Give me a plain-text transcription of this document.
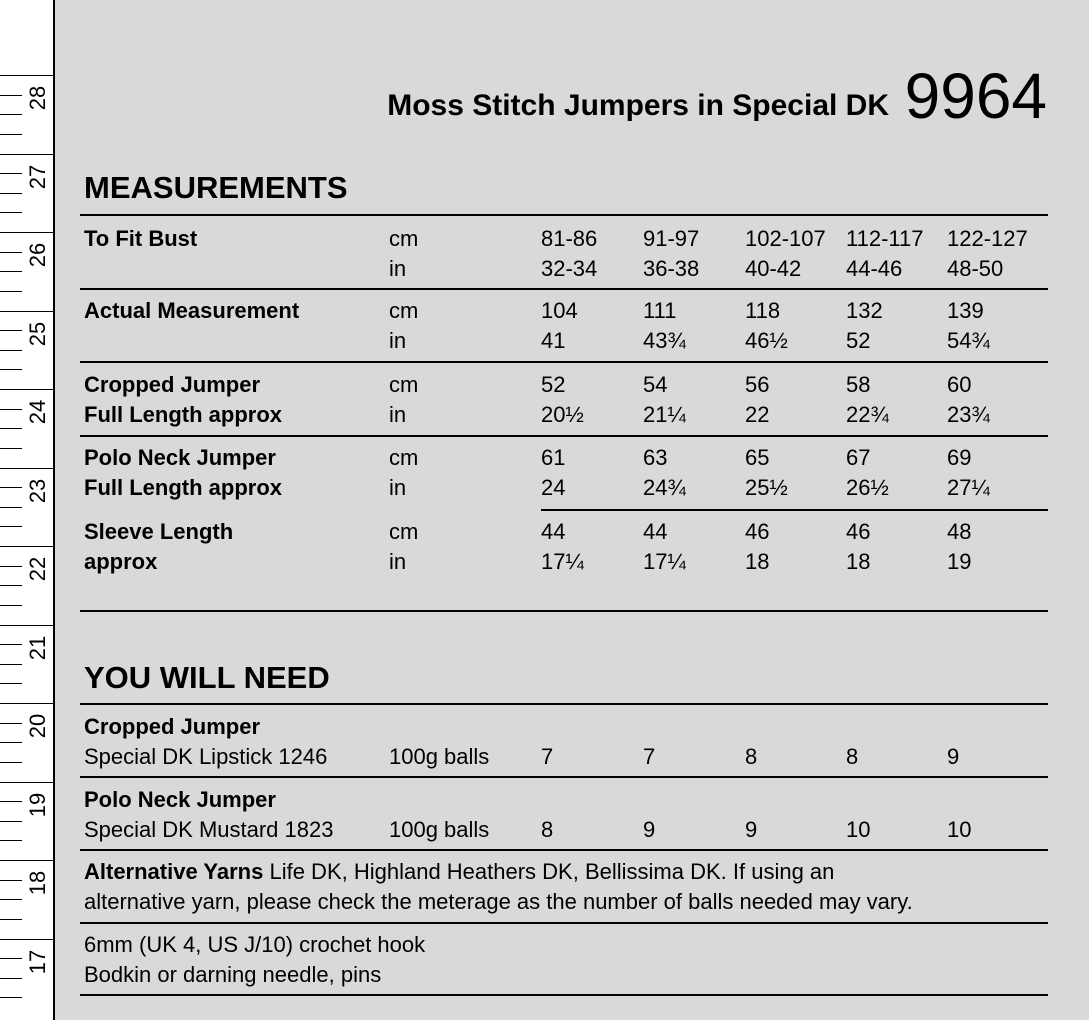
28
27
26
25
24
23
22
21
20
19
18
17
Moss Stitch Jumpers in Special DK 9964
MEASUREMENTS
YOU WILL NEED
To Fit Bust	cm	81-86 91-97 102-107 112-117 122-127
in	32-34 36-38 40-42 44-46 48-50
Actual Measurement	cm	104	111	118	132	139
in	41	43¾	46½	52	54¾
Cropped Jumper	cm	52	54	56	58	60
Full Length approx	in	20½	21¼	22	22¾	23¾
Polo Neck Jumper	cm	61	63	65	67	69
Full Length approx	in	24	24¾	25½	26½	27¼
Sleeve Length	cm	44	44	46	46	48
approx	in	17¼	17¼	18	18	19
Cropped Jumper
Special DK Lipstick 1246	100g balls 7	7	8	8	9
Polo Neck Jumper
Special DK Mustard 1823	100g balls 8	9	9	10	10
Alternative Yarns Life DK, Highland Heathers DK, Bellissima DK. If using an
alternative yarn, please check the meterage as the number of balls needed may vary.
6mm (UK 4, US J/10) crochet hook
Bodkin or darning needle, pins
